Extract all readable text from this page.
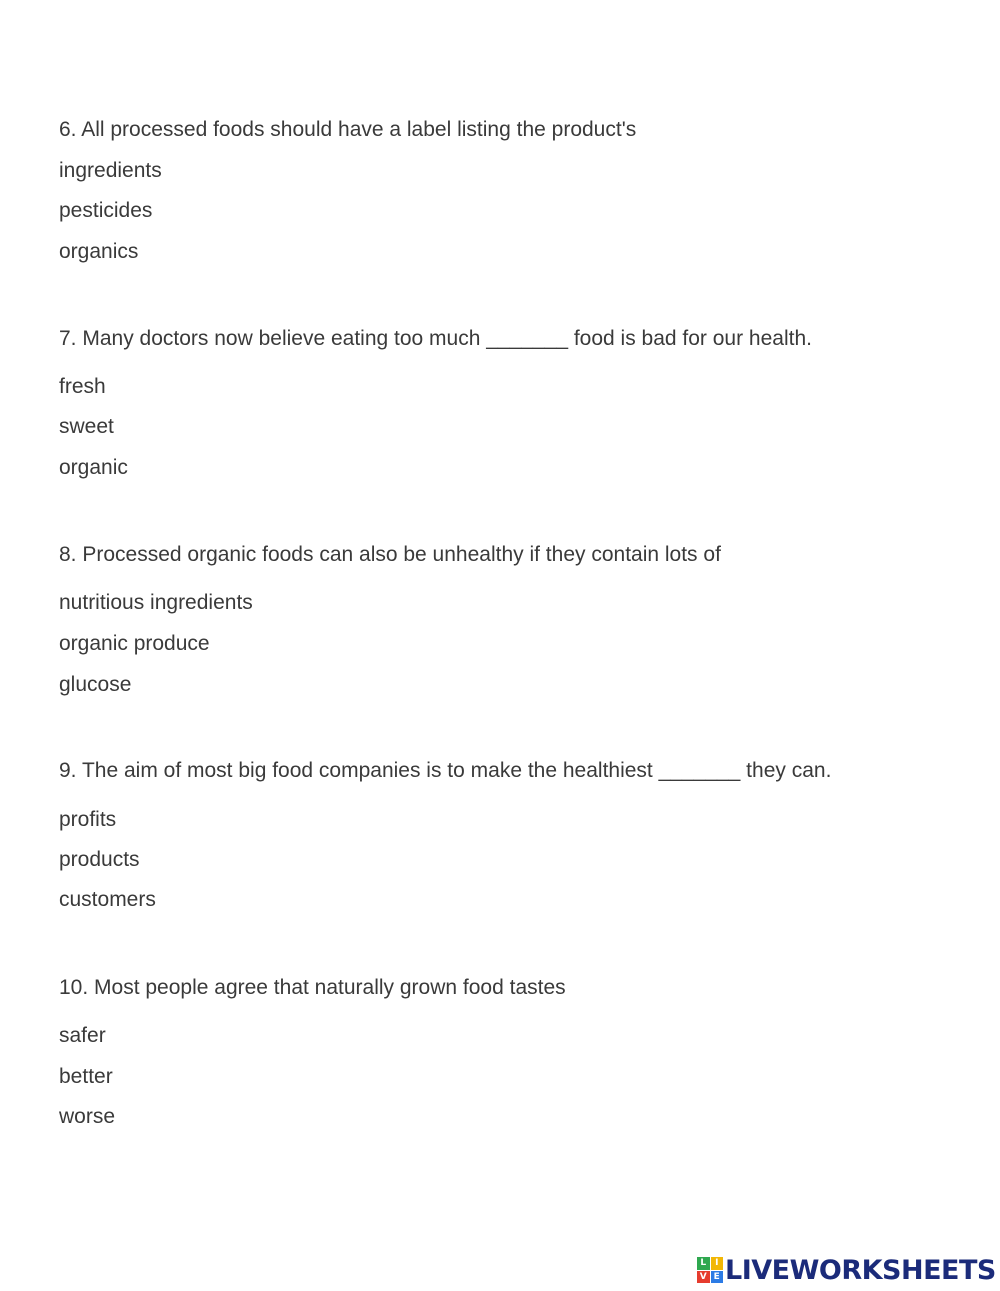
6. All processed foods should have a label listing the product's
ingredients
pesticides
organics
7. Many doctors now believe eating too much _______ food is bad for our health.
fresh
sweet
organic
8. Processed organic foods can also be unhealthy if they contain lots of
nutritious ingredients
organic produce
glucose
9. The aim of most big food companies is to make the healthiest _______ they can.
profits
products
customers
10. Most people agree that naturally grown food tastes
safer
better
worse
L I
V E LIVEWORKSHEETS
